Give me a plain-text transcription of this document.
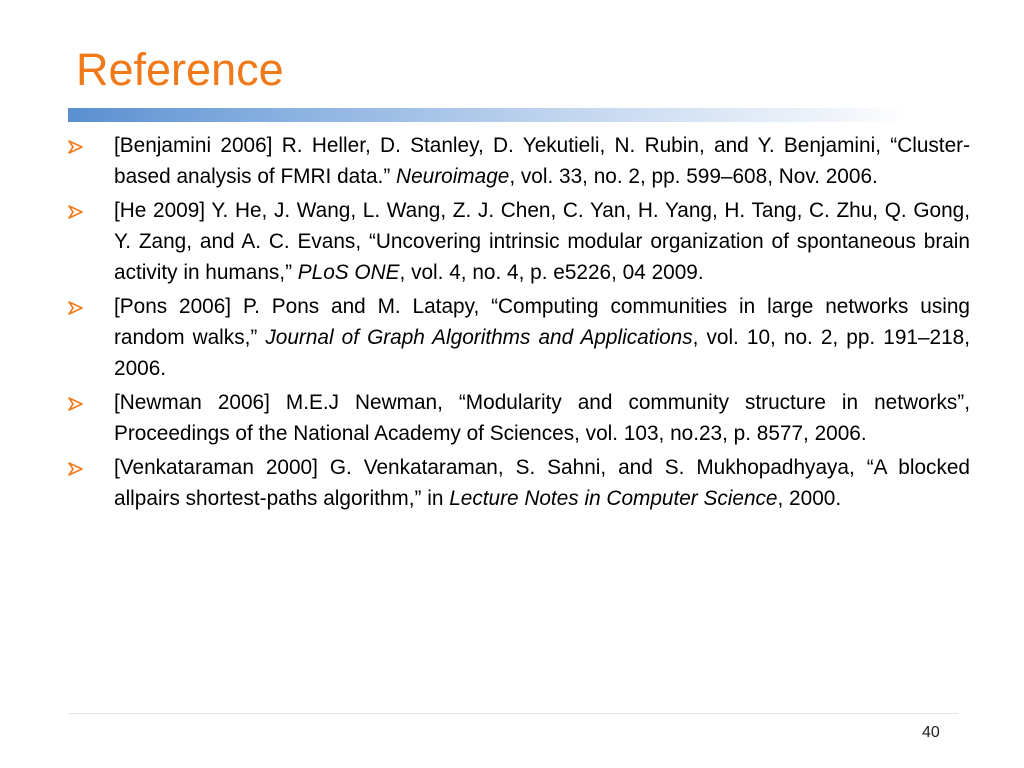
Reference
[Benjamini 2006] R. Heller, D. Stanley, D. Yekutieli, N. Rubin, and Y. Benjamini, “Cluster-based analysis of FMRI data.” Neuroimage, vol. 33, no. 2, pp. 599–608, Nov. 2006.
[He 2009] Y. He, J. Wang, L. Wang, Z. J. Chen, C. Yan, H. Yang, H. Tang, C. Zhu, Q. Gong, Y. Zang, and A. C. Evans, “Uncovering intrinsic modular organization of spontaneous brain activity in humans,” PLoS ONE, vol. 4, no. 4, p. e5226, 04 2009.
[Pons 2006] P. Pons and M. Latapy, “Computing communities in large networks using random walks,” Journal of Graph Algorithms and Applications, vol. 10, no. 2, pp. 191–218, 2006.
[Newman 2006] M.E.J Newman, “Modularity and community structure in networks”, Proceedings of the National Academy of Sciences, vol. 103, no.23, p. 8577, 2006.
[Venkataraman 2000] G. Venkataraman, S. Sahni, and S. Mukhopadhyaya, “A blocked allpairs shortest-paths algorithm,” in Lecture Notes in Computer Science, 2000.
40
